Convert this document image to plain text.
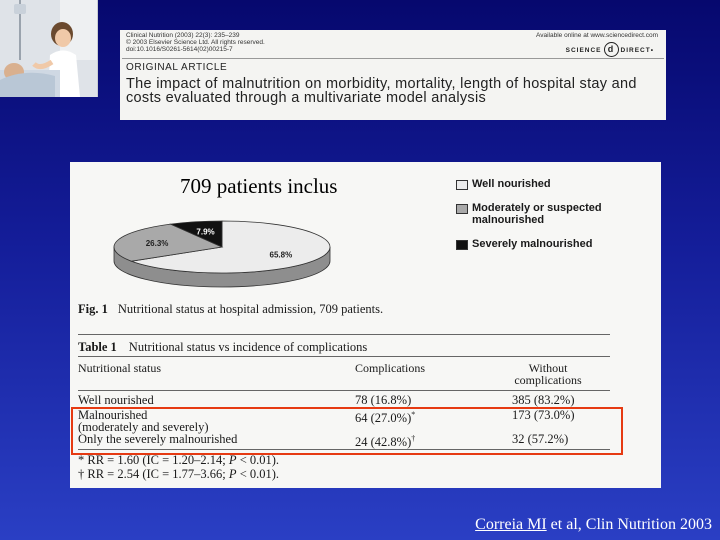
Clinical Nutrition (2003) 22(3): 235–239
© 2003 Elsevier Science Ltd. All rights reserved.
doi:10.1016/S0261-5614(02)00215-7
Available online at www.sciencedirect.com
SCIENCE d DIRECT•
ORIGINAL ARTICLE
The impact of malnutrition on morbidity, mortality, length of hospital stay and costs evaluated through a multivariate model analysis
709 patients inclus
65.8%
26.3%
7.9%
Well nourished
Moderately or suspected malnourished
Severely malnourished
Fig. 1 Nutritional status at hospital admission, 709 patients.
Table 1 Nutritional status vs incidence of complications
Nutritional status	Complications	Without complications
Well nourished	78 (16.8%)	385 (83.2%)
Malnourished
(moderately and severely)
64 (27.0%)*	173 (73.0%)
Only the severely malnourished	24 (42.8%)†	32 (57.2%)
* RR = 1.60 (IC = 1.20–2.14; P < 0.01).
† RR = 2.54 (IC = 1.77–3.66; P < 0.01).
Correia MI et al, Clin Nutrition 2003
